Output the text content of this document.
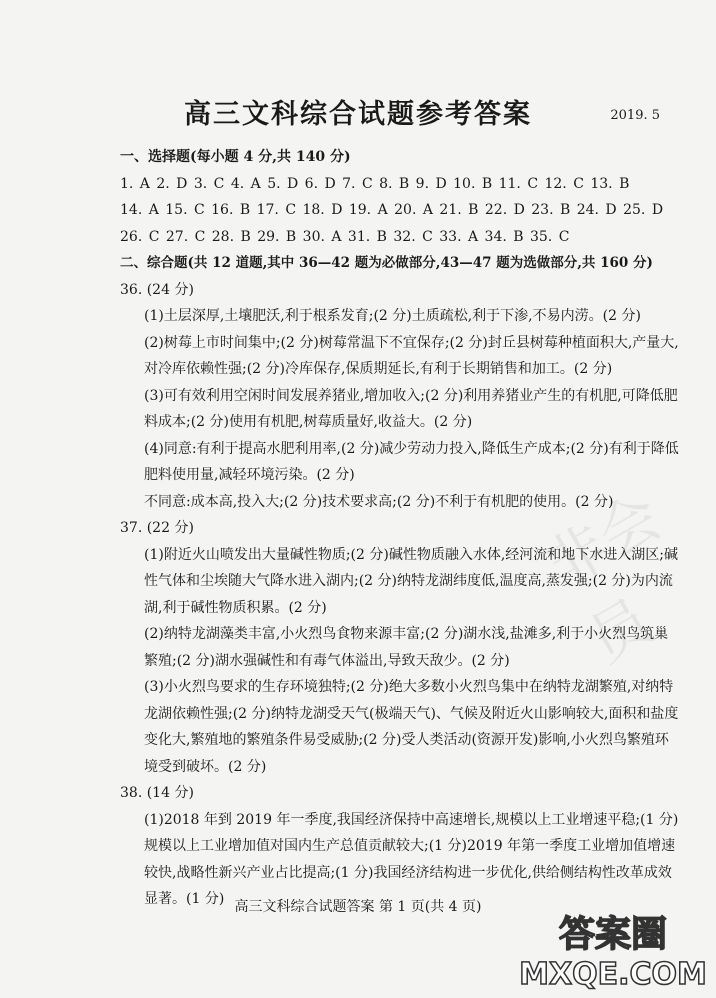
非会员
高三文科综合试题参考答案	2019. 5

一、选择题(每小题 4 分,共 140 分)

1. A 2. D 3. C 4. A 5. D 6. D 7. C 8. B 9. D 10. B 11. C 12. C 13. B

14. A 15. C 16. B 17. C 18. D 19. A 20. A 21. B 22. D 23. B 24. D 25. D

26. C 27. C 28. B 29. B 30. A 31. B 32. C 33. A 34. B 35. C

二、综合题(共 12 道题,其中 36—42 题为必做部分,43—47 题为选做部分,共 160 分)

36. (24 分)

(1)土层深厚,土壤肥沃,利于根系发育;(2 分)土质疏松,利于下渗,不易内涝。(2 分)

(2)树莓上市时间集中;(2 分)树莓常温下不宜保存;(2 分)封丘县树莓种植面积大,产量大,对冷库依赖性强;(2 分)冷库保存,保质期延长,有利于长期销售和加工。(2 分)

(3)可有效利用空闲时间发展养猪业,增加收入;(2 分)利用养猪业产生的有机肥,可降低肥料成本;(2 分)使用有机肥,树莓质量好,收益大。(2 分)

(4)同意:有利于提高水肥利用率,(2 分)减少劳动力投入,降低生产成本;(2 分)有利于降低肥料使用量,减轻环境污染。(2 分)

不同意:成本高,投入大;(2 分)技术要求高;(2 分)不利于有机肥的使用。(2 分)

37. (22 分)

(1)附近火山喷发出大量碱性物质;(2 分)碱性物质融入水体,经河流和地下水进入湖区;碱性气体和尘埃随大气降水进入湖内;(2 分)纳特龙湖纬度低,温度高,蒸发强;(2 分)为内流湖,利于碱性物质积累。(2 分)

(2)纳特龙湖藻类丰富,小火烈鸟食物来源丰富;(2 分)湖水浅,盐滩多,利于小火烈鸟筑巢繁殖;(2 分)湖水强碱性和有毒气体溢出,导致天敌少。(2 分)

(3)小火烈鸟要求的生存环境独特;(2 分)绝大多数小火烈鸟集中在纳特龙湖繁殖,对纳特龙湖依赖性强;(2 分)纳特龙湖受天气(极端天气)、气候及附近火山影响较大,面积和盐度变化大,繁殖地的繁殖条件易受威胁;(2 分)受人类活动(资源开发)影响,小火烈鸟繁殖环境受到破坏。(2 分)

38. (14 分)

(1)2018 年到 2019 年一季度,我国经济保持中高速增长,规模以上工业增速平稳;(1 分)规模以上工业增加值对国内生产总值贡献较大;(1 分)2019 年第一季度工业增加值增速较快,战略性新兴产业占比提高;(1 分)我国经济结构进一步优化,供给侧结构性改革成效显著。(1 分) 高三文科综合试题答案 第 1 页(共 4 页)
答案圈
MXQE.COM
